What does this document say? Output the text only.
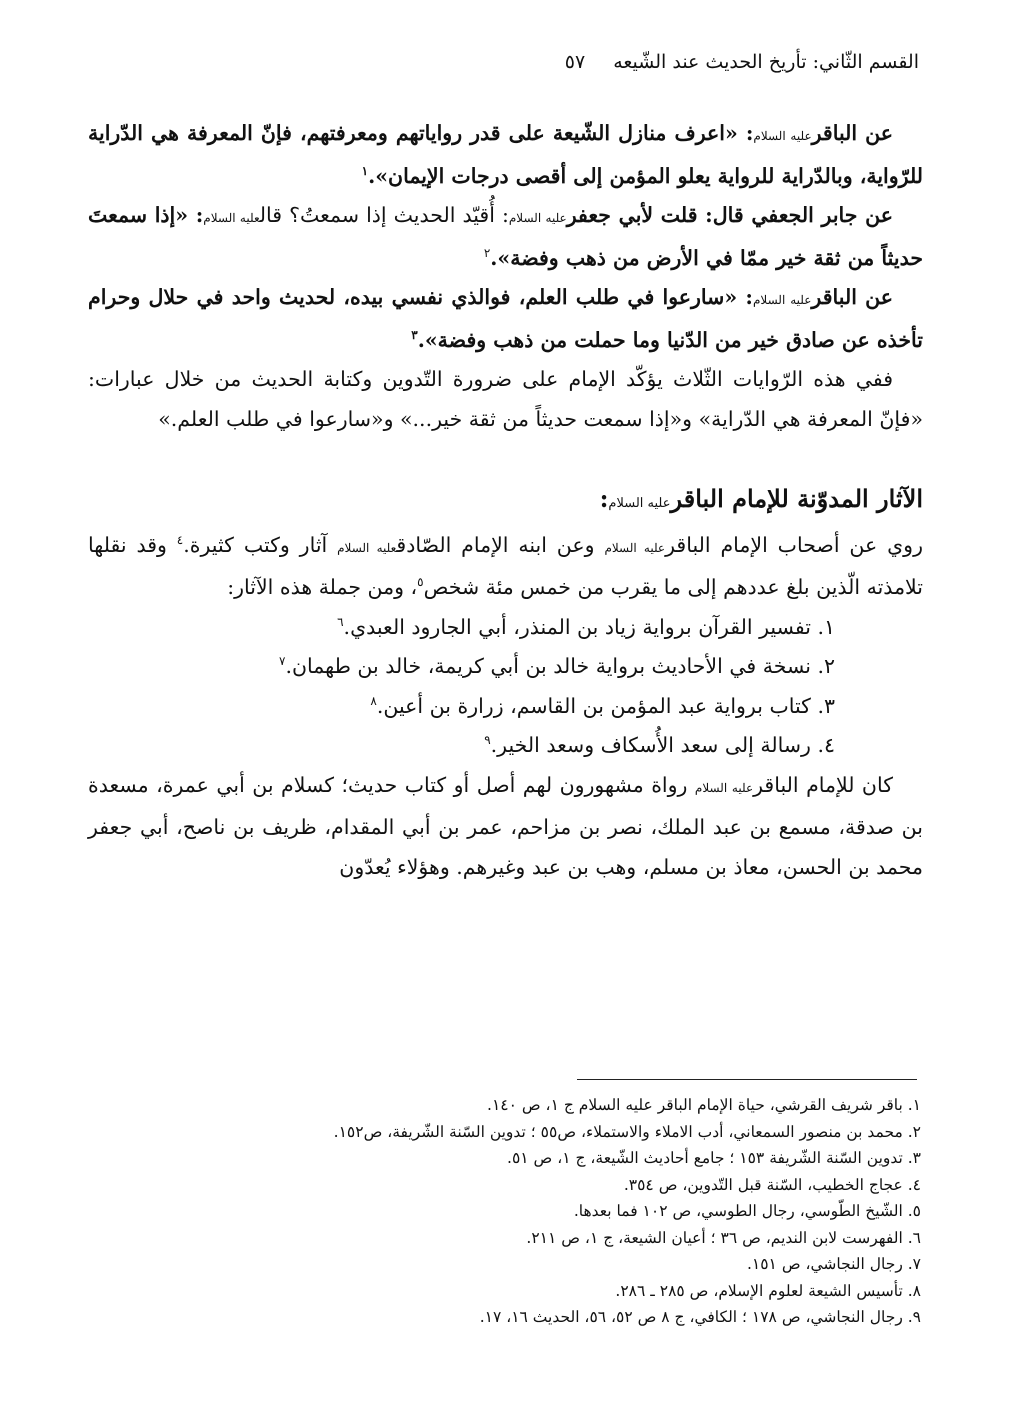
القسم الثّاني: تأريخ الحديث عند الشّيعه
٥٧

عن الباقرعليه السلام: «اعرف منازل الشّيعة على قدر رواياتهم ومعرفتهم، فإنّ المعرفة هي الدّراية للرّواية، وبالدّراية للرواية يعلو المؤمن إلى أقصى درجات الإيمان».$^١$

عن جابر الجعفي قال: قلت لأبي جعفرعليه السلام: أُقيّد الحديث إذا سمعتُ؟ قالعليه السلام: «إذا سمعتَ حديثاً من ثقة خير ممّا في الأرض من ذهب وفضة».$^٢$

عن الباقرعليه السلام: «سارعوا في طلب العلم، فوالذي نفسي بيده، لحديث واحد في حلال وحرام تأخذه عن صادق خير من الدّنيا وما حملت من ذهب وفضة».$^٣$

ففي هذه الرّوايات الثّلاث يؤكّد الإمام على ضرورة التّدوين وكتابة الحديث من خلال عبارات: «فإنّ المعرفة هي الدّراية» و«إذا سمعت حديثاً من ثقة خير...» و«سارعوا في طلب العلم.»

الآثار المدوّنة للإمام الباقرعليه السلام:

روي عن أصحاب الإمام الباقرعليه السلام وعن ابنه الإمام الصّادقعليه السلام آثار وكتب كثيرة.$^٤$ وقد نقلها تلامذته الّذين بلغ عددهم إلى ما يقرب من خمس مئة شخص$^٥$، ومن جملة هذه الآثار:

١. تفسير القرآن برواية زياد بن المنذر، أبي الجارود العبدي.$^٦$

٢. نسخة في الأحاديث برواية خالد بن أبي كريمة، خالد بن طهمان.$^٧$

٣. كتاب برواية عبد المؤمن بن القاسم، زرارة بن أعين.$^٨$

٤. رسالة إلى سعد الأُسكاف وسعد الخير.$^٩$

كان للإمام الباقرعليه السلام رواة مشهورون لهم أصل أو كتاب حديث؛ كسلام بن أبي عمرة، مسعدة بن صدقة، مسمع بن عبد الملك، نصر بن مزاحم، عمر بن أبي المقدام، ظريف بن ناصح، أبي جعفر محمد بن الحسن، معاذ بن مسلم، وهب بن عبد وغيرهم. وهؤلاء يُعدّون

١. باقر شريف القرشي، حياة الإمام الباقر عليه السلام ج ١، ص ١٤٠.
٢. محمد بن منصور السمعاني، أدب الاملاء والاستملاء، ص٥٥ ؛ تدوين السّنة الشّريفة، ص١٥٢.
٣. تدوين السّنة الشّريفة ١٥٣ ؛ جامع أحاديث الشّيعة، ج ١، ص ٥١.
٤. عجاج الخطيب، السّنة قبل التّدوين، ص ٣٥٤.
٥. الشّيخ الطّوسي، رجال الطوسي، ص ١٠٢ فما بعدها.
٦. الفهرست لابن النديم، ص ٣٦ ؛ أعيان الشيعة، ج ١، ص ٢١١.
٧. رجال النجاشي، ص ١٥١.
٨. تأسيس الشيعة لعلوم الإسلام، ص ٢٨٥ ـ ٢٨٦.
٩. رجال النجاشي، ص ١٧٨ ؛ الكافي، ج ٨ ص ٥٢، ٥٦، الحديث ١٦، ١٧.
